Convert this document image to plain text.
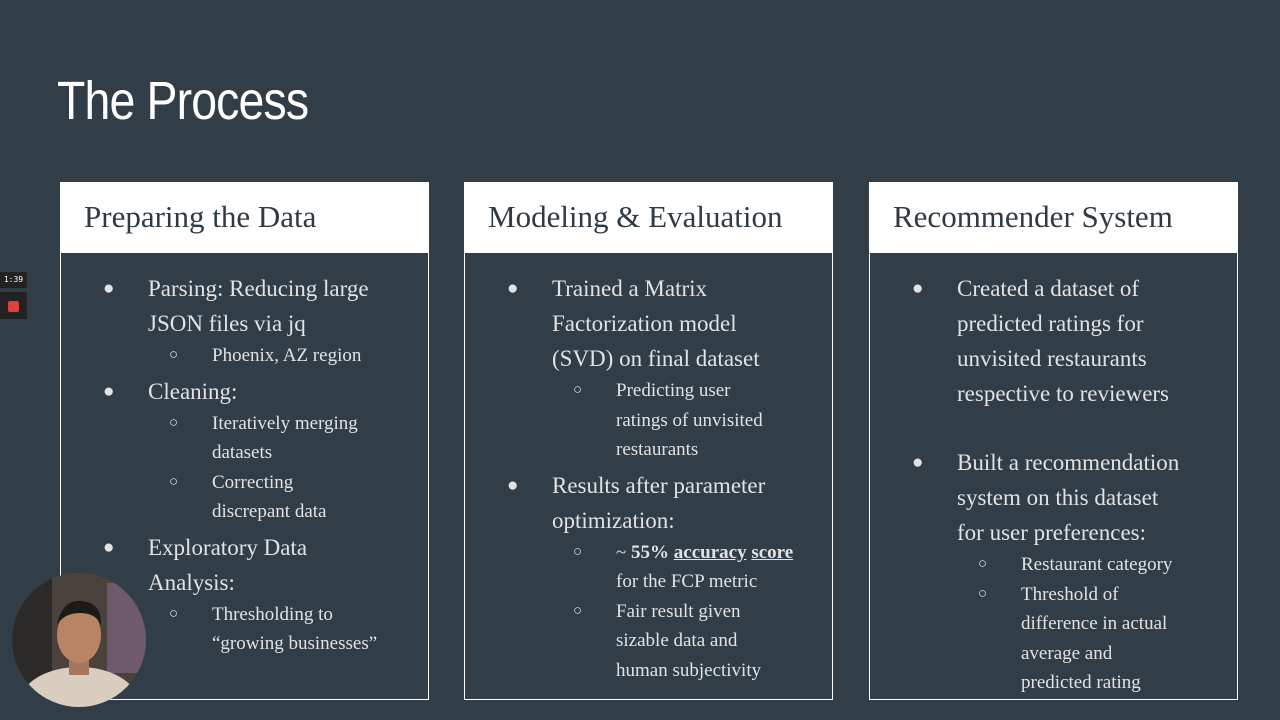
The Process
1:39
Preparing the Data
● Parsing: Reducing large
JSON files via jq
○ Phoenix, AZ region
● Cleaning:
○ Iteratively merging
datasets
○ Correcting
discrepant data
● Exploratory Data
Analysis:
○ Thresholding to
“growing businesses”
Modeling & Evaluation
● Trained a Matrix
Factorization model
(SVD) on final dataset
○ Predicting user
ratings of unvisited
restaurants
● Results after parameter
optimization:
○ ~ 55% accuracy score
for the FCP metric
○ Fair result given
sizable data and
human subjectivity
Recommender System
● Created a dataset of
predicted ratings for
unvisited restaurants
respective to reviewers
● Built a recommendation
system on this dataset
for user preferences:
○ Restaurant category
○ Threshold of
difference in actual
average and
predicted rating
